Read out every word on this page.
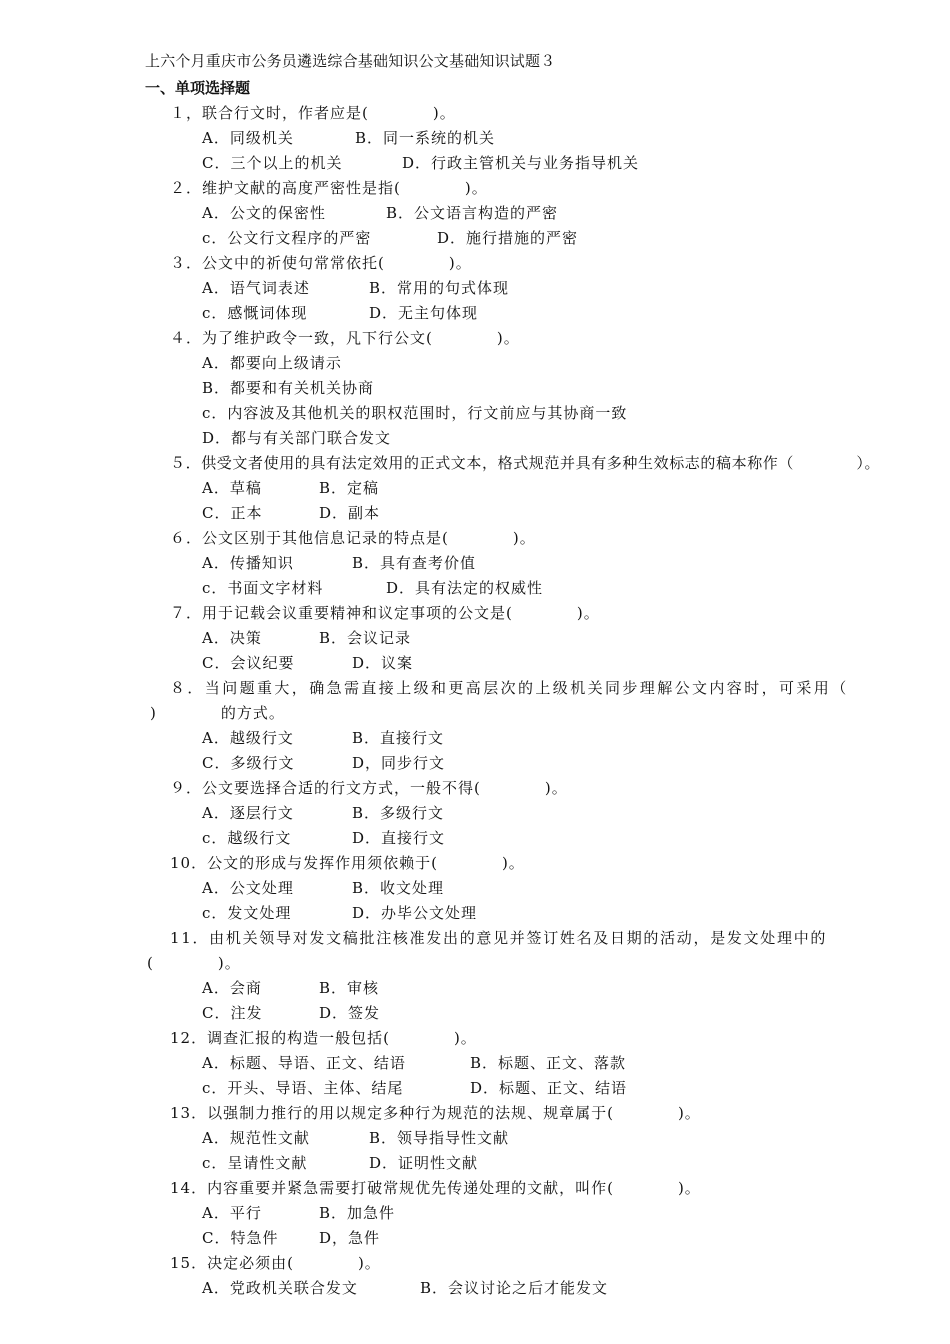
上六个月重庆市公务员遴选综合基础知识公文基础知识试题３
一、单项选择题
１，联合行文时，作者应是(　　　　)。
A．同级机关	B．同一系统的机关
C．三个以上的机关	D．行政主管机关与业务指导机关
２．维护文献的高度严密性是指(　　　　)。
A．公文的保密性	B．公文语言构造的严密
c．公文行文程序的严密	D．施行措施的严密
３．公文中的祈使句常常依托(　　　　)。
A．语气词表述	B．常用的句式体现
c．感慨词体现	D．无主句体现
４．为了维护政令一致，凡下行公文(　　　　)。
A．都要向上级请示
B．都要和有关机关协商
c．内容波及其他机关的职权范围时，行文前应与其协商一致
D．都与有关部门联合发文
５．供受文者使用的具有法定效用的正式文本，格式规范并具有多种生效标志的稿本称作（　　　　）。
A．草稿	B．定稿
C．正本	D．副本
６．公文区别于其他信息记录的特点是(　　　　)。
A．传播知识	B．具有查考价值
c．书面文字材料	D．具有法定的权威性
７．用于记载会议重要精神和议定事项的公文是(　　　　)。
A．决策	B．会议记录
C．会议纪要	D．议案
８．当问题重大，确急需直接上级和更高层次的上级机关同步理解公文内容时，可采用（
)　　　　的方式。
A．越级行文	B．直接行文
C．多级行文	D，同步行文
９．公文要选择合适的行文方式，一般不得(　　　　)。
A．逐层行文	B．多级行文
c．越级行文	D．直接行文
10．公文的形成与发挥作用须依赖于(　　　　)。
A．公文处理	B．收文处理
c．发文处理	D．办毕公文处理
11．由机关领导对发文稿批注核准发出的意见并签订姓名及日期的活动，是发文处理中的
(　　　　)。
A．会商	B．审核
C．注发	D．签发
12．调查汇报的构造一般包括(　　　　)。
A．标题、导语、正文、结语	B．标题、正文、落款
c．开头、导语、主体、结尾	D．标题、正文、结语
13．以强制力推行的用以规定多种行为规范的法规、规章属于(　　　　)。
A．规范性文献	B．领导指导性文献
c．呈请性文献	D．证明性文献
14．内容重要并紧急需要打破常规优先传递处理的文献，叫作(　　　　)。
A．平行	B．加急件
C．特急件	D，急件
15．决定必须由(　　　　)。
A．党政机关联合发文	B．会议讨论之后才能发文
